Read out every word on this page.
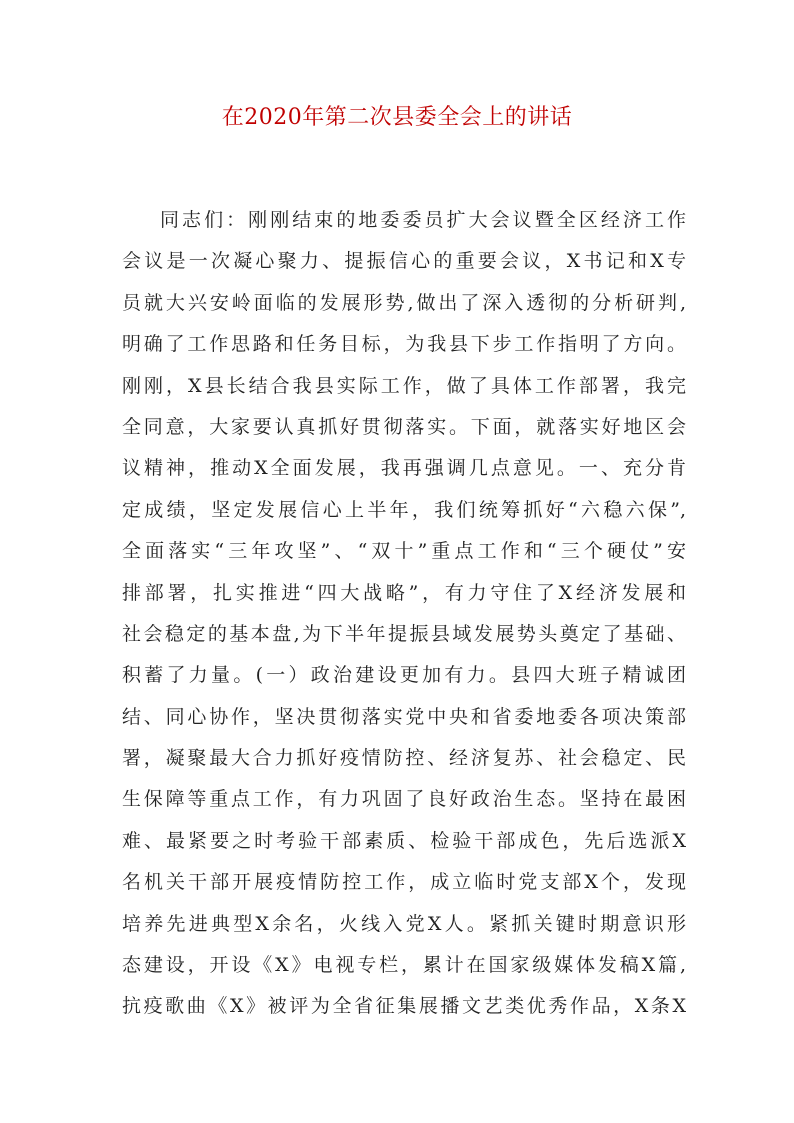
在2020年第二次县委全会上的讲话
同志们：刚刚结束的地委委员扩大会议暨全区经济工作
会议是一次凝心聚力、提振信心的重要会议，X书记和X专
员就大兴安岭面临的发展形势,做出了深入透彻的分析研判,
明确了工作思路和任务目标，为我县下步工作指明了方向。
刚刚，X县长结合我县实际工作，做了具体工作部署，我完
全同意，大家要认真抓好贯彻落实。下面，就落实好地区会
议精神，推动X全面发展，我再强调几点意见。一、充分肯
定成绩，坚定发展信心上半年，我们统筹抓好“六稳六保”,
全面落实“三年攻坚”、“双十”重点工作和“三个硬仗”安
排部署，扎实推进“四大战略”，有力守住了X经济发展和
社会稳定的基本盘,为下半年提振县域发展势头奠定了基础、
积蓄了力量。(一）政治建设更加有力。县四大班子精诚团
结、同心协作，坚决贯彻落实党中央和省委地委各项决策部
署，凝聚最大合力抓好疫情防控、经济复苏、社会稳定、民
生保障等重点工作，有力巩固了良好政治生态。坚持在最困
难、最紧要之时考验干部素质、检验干部成色，先后选派X
名机关干部开展疫情防控工作，成立临时党支部X个，发现
培养先进典型X余名，火线入党X人。紧抓关键时期意识形
态建设，开设《X》电视专栏，累计在国家级媒体发稿X篇,
抗疫歌曲《X》被评为全省征集展播文艺类优秀作品，X条X
